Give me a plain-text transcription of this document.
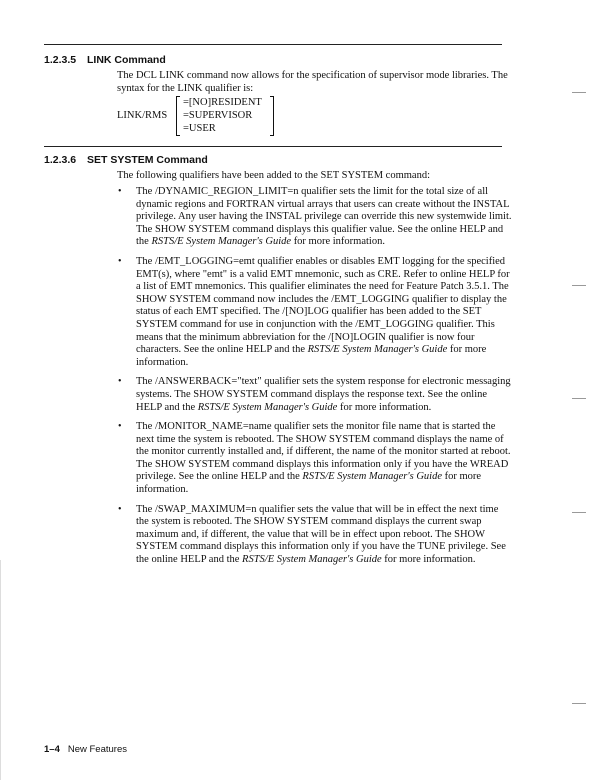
1.2.3.5 LINK Command

The DCL LINK command now allows for the specification of supervisor mode libraries. The syntax for the LINK qualifier is:

LINK/RMS
=[NO]RESIDENT
=SUPERVISOR
=USER
1.2.3.6 SET SYSTEM Command

The following qualifiers have been added to the SET SYSTEM command:

• The /DYNAMIC_REGION_LIMIT=n qualifier sets the limit for the total size of all dynamic regions and FORTRAN virtual arrays that users can create without the INSTAL privilege. Any user having the INSTAL privilege can override this new systemwide limit. The SHOW SYSTEM command displays this qualifier value. See the online HELP and the RSTS/E System Manager's Guide for more information.
• The /EMT_LOGGING=emt qualifier enables or disables EMT logging for the specified EMT(s), where "emt" is a valid EMT mnemonic, such as CRE. Refer to online HELP for a list of EMT mnemonics. This qualifier eliminates the need for Feature Patch 3.5.1. The SHOW SYSTEM command now includes the /EMT_LOGGING qualifier to display the status of each EMT specified. The /[NO]LOG qualifier has been added to the SET SYSTEM command for use in conjunction with the /EMT_LOGGING qualifier. This means that the minimum abbreviation for the /[NO]LOGIN qualifier is now four characters. See the online HELP and the RSTS/E System Manager's Guide for more information.
• The /ANSWERBACK="text" qualifier sets the system response for electronic messaging systems. The SHOW SYSTEM command displays the response text. See the online HELP and the RSTS/E System Manager's Guide for more information.
• The /MONITOR_NAME=name qualifier sets the monitor file name that is started the next time the system is rebooted. The SHOW SYSTEM command displays the name of the monitor currently installed and, if different, the name of the monitor started at reboot. The SHOW SYSTEM command displays this information only if you have the WREAD privilege. See the online HELP and the RSTS/E System Manager's Guide for more information.
• The /SWAP_MAXIMUM=n qualifier sets the value that will be in effect the next time the system is rebooted. The SHOW SYSTEM command displays the current swap maximum and, if different, the value that will be in effect upon reboot. The SHOW SYSTEM command displays this information only if you have the TUNE privilege. See the online HELP and the RSTS/E System Manager's Guide for more information.
1–4 New Features
